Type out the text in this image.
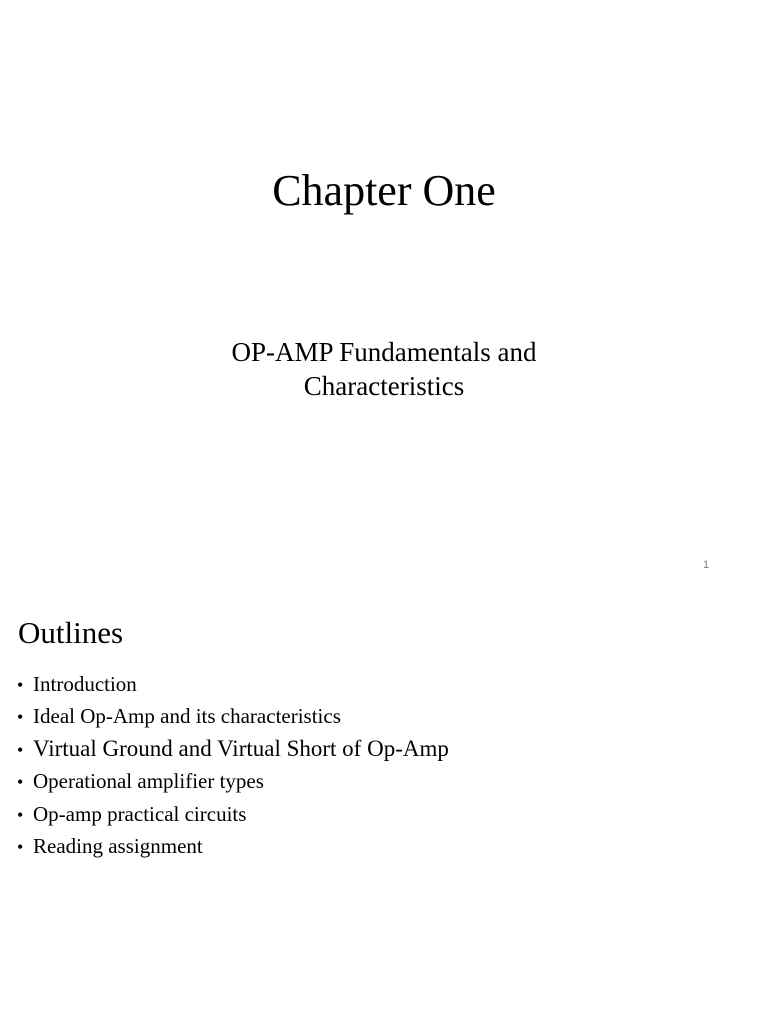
Chapter One
OP-AMP Fundamentals and
Characteristics
1
Outlines
• Introduction
• Ideal Op-Amp and its characteristics
• Virtual Ground and Virtual Short of Op-Amp
• Operational amplifier types
• Op-amp practical circuits
• Reading assignment
